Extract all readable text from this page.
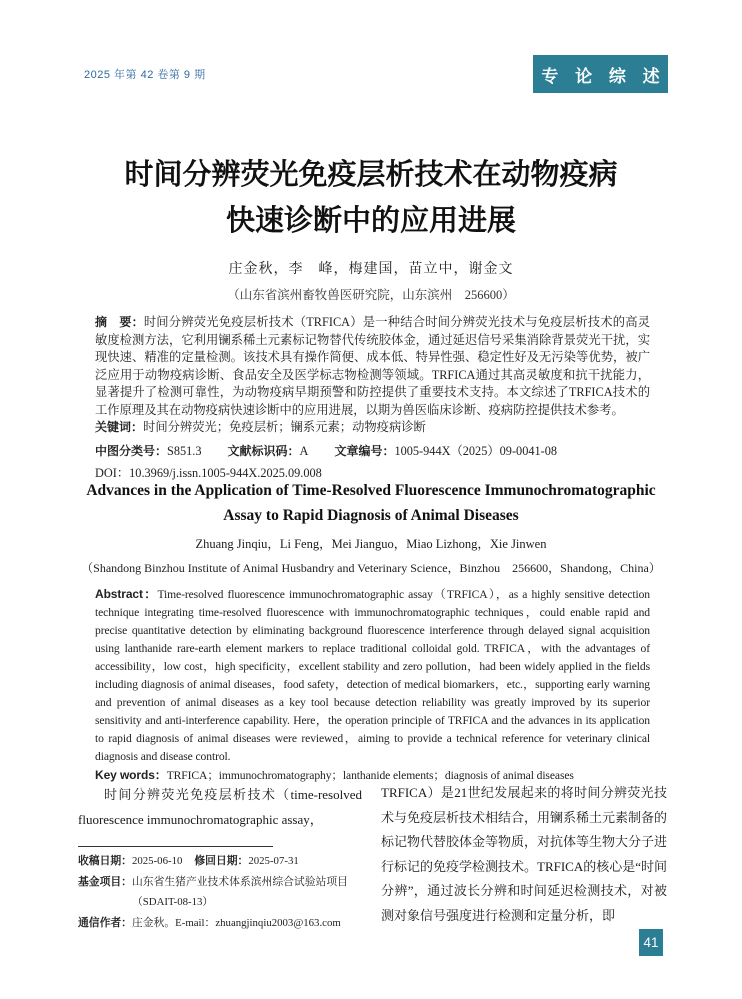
2025 年第 42 卷第 9 期	专 论 综 述
时间分辨荧光免疫层析技术在动物疫病
快速诊断中的应用进展
庄金秋，李　峰，梅建国，苗立中，谢金文
（山东省滨州畜牧兽医研究院，山东滨州　256600）

摘　要：时间分辨荧光免疫层析技术（TRFICA）是一种结合时间分辨荧光技术与免疫层析技术的高灵敏度检测方法，它利用镧系稀土元素标记物替代传统胶体金，通过延迟信号采集消除背景荧光干扰，实现快速、精准的定量检测。该技术具有操作简便、成本低、特异性强、稳定性好及无污染等优势，被广泛应用于动物疫病诊断、食品安全及医学标志物检测等领域。TRFICA通过其高灵敏度和抗干扰能力，显著提升了检测可靠性，为动物疫病早期预警和防控提供了重要技术支持。本文综述了TRFICA技术的工作原理及其在动物疫病快速诊断中的应用进展，以期为兽医临床诊断、疫病防控提供技术参考。

关键词：时间分辨荧光；免疫层析；镧系元素；动物疫病诊断

中图分类号：S851.3 文献标识码：A 文章编号：1005-944X（2025）09-0041-08

DOI：10.3969/j.issn.1005-944X.2025.09.008

Advances in the Application of Time-Resolved Fluorescence Immunochromatographic
Assay to Rapid Diagnosis of Animal Diseases
Zhuang Jinqiu，Li Feng，Mei Jianguo，Miao Lizhong，Xie Jinwen
（Shandong Binzhou Institute of Animal Husbandry and Veterinary Science，Binzhou　256600，Shandong，China）

Abstract：Time-resolved fluorescence immunochromatographic assay（TRFICA），as a highly sensitive detection technique integrating time-resolved fluorescence with immunochromatographic techniques，could enable rapid and precise quantitative detection by eliminating background fluorescence interference through delayed signal acquisition using lanthanide rare-earth element markers to replace traditional colloidal gold. TRFICA，with the advantages of accessibility，low cost，high specificity，excellent stability and zero pollution，had been widely applied in the fields including diagnosis of animal diseases，food safety，detection of medical biomarkers，etc.，supporting early warning and prevention of animal diseases as a key tool because detection reliability was greatly improved by its superior sensitivity and anti-interference capability. Here，the operation principle of TRFICA and the advances in its application to rapid diagnosis of animal diseases were reviewed，aiming to provide a technical reference for veterinary clinical diagnosis and disease control.

Key words：TRFICA；immunochromatography；lanthanide elements；diagnosis of animal diseases

时间分辨荧光免疫层析技术（time-resolved fluorescence immunochromatographic assay，

收稿日期：2025-06-10 修回日期：2025-07-31
基金项目：山东省生猪产业技术体系滨州综合试验站项目（SDAIT-08-13）
通信作者：庄金秋。E-mail：zhuangjinqiu2003@163.com

TRFICA）是21世纪发展起来的将时间分辨荧光技术与免疫层析技术相结合，用镧系稀土元素制备的标记物代替胶体金等物质，对抗体等生物大分子进行标记的免疫学检测技术。TRFICA的核心是“时间分辨”，通过波长分辨和时间延迟检测技术，对被测对象信号强度进行检测和定量分析，即

41
